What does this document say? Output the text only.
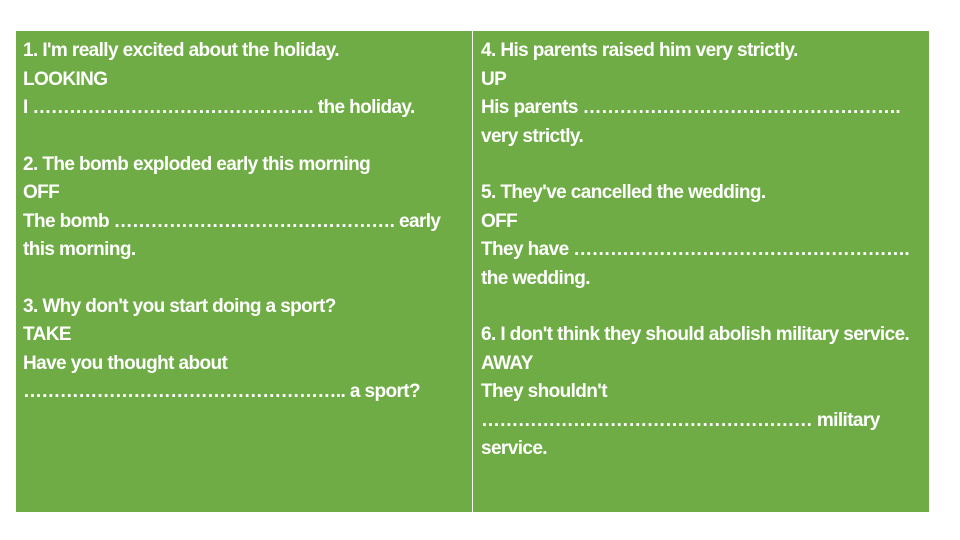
1. I'm really excited about the holiday.
LOOKING
I ………………………………………. the holiday.
2. The bomb exploded early this morning
OFF
The bomb ………………………………………. early this morning.
3. Why don't you start doing a sport?
TAKE
Have you thought about
…………………………………………….. a sport?
4. His parents raised him very strictly.
UP
His parents ……………………………………………. very strictly.
5. They've cancelled the wedding.
OFF
They have ………………………………………………. the wedding.
6. I don't think they should abolish military service.
AWAY
They shouldn't ……………………………………………… military service.
